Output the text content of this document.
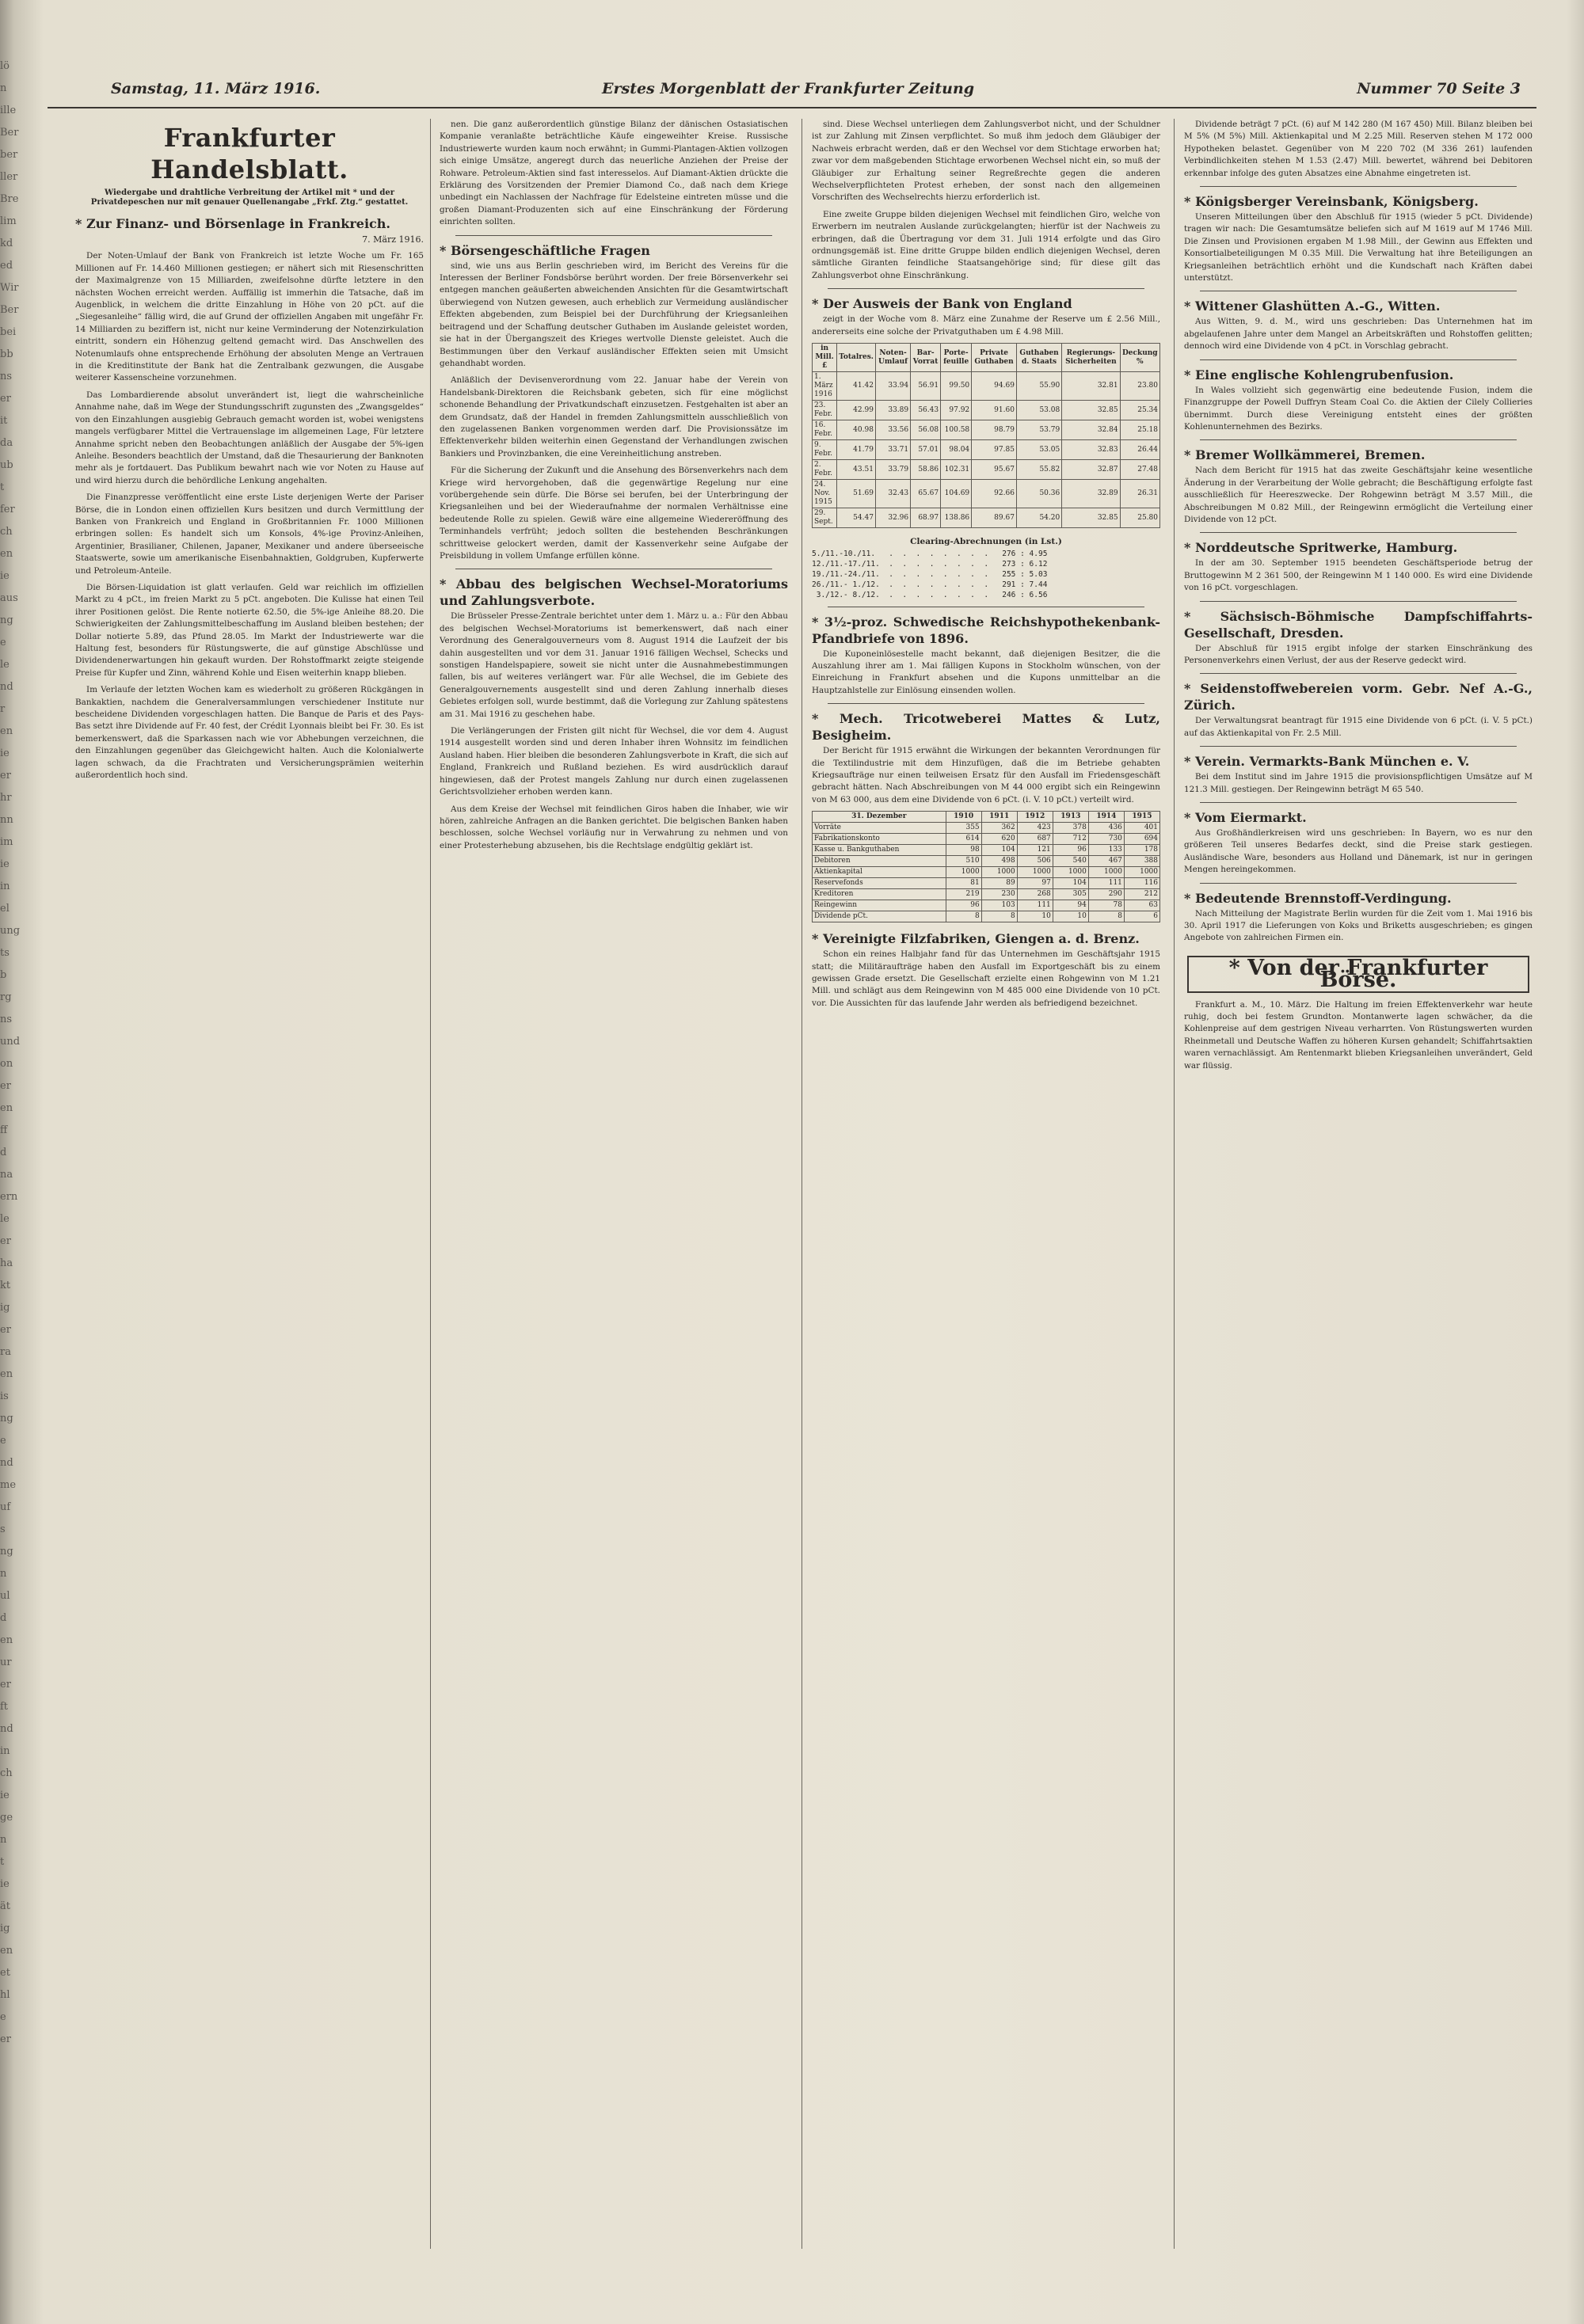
lö
n
ille
Ber
ber
ller
Bre
lim
kd
ed
Wir
Ber
bei
bb
ns
er
it
da
ub
t
fer
ch
en
ie
aus
ng
e
le
nd
r
en
ie
er
hr
nn
im
ie
in
el
ung
ts
b
rg
ns
und
on
er
en
ff
d
na
ern
le
er
ha
kt
ig
er
ra
en
is
ng
e
nd
me
uf
s
ng
n
ul
d
en
ur
er
ft
nd
in
ch
ie
ge
n
t
ie
ät
ig
en
et
hl
e
er
Samstag, 11. März 1916.	Erstes Morgenblatt der Frankfurter Zeitung	Nummer 70 Seite 3
Frankfurter Handelsblatt.
Wiedergabe und drahtliche Verbreitung der Artikel mit * und der Privatdepeschen nur mit genauer Quellenangabe „Frkf. Ztg.“ gestattet.
* Zur Finanz- und Börsenlage in Frankreich.
7. März 1916.

Der Noten-Umlauf der Bank von Frankreich ist letzte Woche um Fr. 165 Millionen auf Fr. 14.460 Millionen gestiegen; er nähert sich mit Riesenschritten der Maximalgrenze von 15 Milliarden, zweifelsohne dürfte letztere in den nächsten Wochen erreicht werden. Auffällig ist immerhin die Tatsache, daß im Augenblick, in welchem die dritte Einzahlung in Höhe von 20 pCt. auf die „Siegesanleihe“ fällig wird, die auf Grund der offiziellen Angaben mit ungefähr Fr. 14 Milliarden zu beziffern ist, nicht nur keine Verminderung der Notenzirkulation eintritt, sondern ein Höhenzug geltend gemacht wird. Das Anschwellen des Notenumlaufs ohne entsprechende Erhöhung der absoluten Menge an Vertrauen in die Kreditinstitute der Bank hat die Zentralbank gezwungen, die Ausgabe weiterer Kassenscheine vorzunehmen.

Das Lombardierende absolut unverändert ist, liegt die wahrscheinliche Annahme nahe, daß im Wege der Stundungsschrift zugunsten des „Zwangsgeldes“ von den Einzahlungen ausgiebig Gebrauch gemacht worden ist, wobei wenigstens mangels verfügbarer Mittel die Vertrauenslage im allgemeinen Lage, Für letztere Annahme spricht neben den Beobachtungen anläßlich der Ausgabe der 5%-igen Anleihe. Besonders beachtlich der Umstand, daß die Thesaurierung der Banknoten mehr als je fortdauert. Das Publikum bewahrt nach wie vor Noten zu Hause auf und wird hierzu durch die behördliche Lenkung angehalten.

Die Finanzpresse veröffentlicht eine erste Liste derjenigen Werte der Pariser Börse, die in London einen offiziellen Kurs besitzen und durch Vermittlung der Banken von Frankreich und England in Großbritannien Fr. 1000 Millionen erbringen sollen: Es handelt sich um Konsols, 4%-ige Provinz-Anleihen, Argentinier, Brasilianer, Chilenen, Japaner, Mexikaner und andere überseeische Staatswerte, sowie um amerikanische Eisenbahnaktien, Goldgruben, Kupferwerte und Petroleum-Anteile.

Die Börsen-Liquidation ist glatt verlaufen. Geld war reichlich im offiziellen Markt zu 4 pCt., im freien Markt zu 5 pCt. angeboten. Die Kulisse hat einen Teil ihrer Positionen gelöst. Die Rente notierte 62.50, die 5%-ige Anleihe 88.20. Die Schwierigkeiten der Zahlungsmittelbeschaffung im Ausland bleiben bestehen; der Dollar notierte 5.89, das Pfund 28.05. Im Markt der Industriewerte war die Haltung fest, besonders für Rüstungswerte, die auf günstige Abschlüsse und Dividendenerwartungen hin gekauft wurden. Der Rohstoffmarkt zeigte steigende Preise für Kupfer und Zinn, während Kohle und Eisen weiterhin knapp blieben.

Im Verlaufe der letzten Wochen kam es wiederholt zu größeren Rückgängen in Bankaktien, nachdem die Generalversammlungen verschiedener Institute nur bescheidene Dividenden vorgeschlagen hatten. Die Banque de Paris et des Pays-Bas setzt ihre Dividende auf Fr. 40 fest, der Crédit Lyonnais bleibt bei Fr. 30. Es ist bemerkenswert, daß die Sparkassen nach wie vor Abhebungen verzeichnen, die den Einzahlungen gegenüber das Gleichgewicht halten. Auch die Kolonialwerte lagen schwach, da die Frachtraten und Versicherungsprämien weiterhin außerordentlich hoch sind.

nen. Die ganz außerordentlich günstige Bilanz der dänischen Ostasiatischen Kompanie veranlaßte beträchtliche Käufe eingeweihter Kreise. Russische Industriewerte wurden kaum noch erwähnt; in Gummi-Plantagen-Aktien vollzogen sich einige Umsätze, angeregt durch das neuerliche Anziehen der Preise der Rohware. Petroleum-Aktien sind fast interesselos. Auf Diamant-Aktien drückte die Erklärung des Vorsitzenden der Premier Diamond Co., daß nach dem Kriege unbedingt ein Nachlassen der Nachfrage für Edelsteine eintreten müsse und die großen Diamant-Produzenten sich auf eine Einschränkung der Förderung einrichten sollten.

* Börsengeschäftliche Fragen

sind, wie uns aus Berlin geschrieben wird, im Bericht des Vereins für die Interessen der Berliner Fondsbörse berührt worden. Der freie Börsenverkehr sei entgegen manchen geäußerten abweichenden Ansichten für die Gesamtwirtschaft überwiegend von Nutzen gewesen, auch erheblich zur Vermeidung ausländischer Effekten abgebenden, zum Beispiel bei der Durchführung der Kriegsanleihen beitragend und der Schaffung deutscher Guthaben im Auslande geleistet worden, sie hat in der Übergangszeit des Krieges wertvolle Dienste geleistet. Auch die Bestimmungen über den Verkauf ausländischer Effekten seien mit Umsicht gehandhabt worden.

Anläßlich der Devisenverordnung vom 22. Januar habe der Verein von Handelsbank-Direktoren die Reichsbank gebeten, sich für eine möglichst schonende Behandlung der Privatkundschaft einzusetzen. Festgehalten ist aber an dem Grundsatz, daß der Handel in fremden Zahlungsmitteln ausschließlich von den zugelassenen Banken vorgenommen werden darf. Die Provisionssätze im Effektenverkehr bilden weiterhin einen Gegenstand der Verhandlungen zwischen Bankiers und Provinzbanken, die eine Vereinheitlichung anstreben.

Für die Sicherung der Zukunft und die Ansehung des Börsenverkehrs nach dem Kriege wird hervorgehoben, daß die gegenwärtige Regelung nur eine vorübergehende sein dürfe. Die Börse sei berufen, bei der Unterbringung der Kriegsanleihen und bei der Wiederaufnahme der normalen Verhältnisse eine bedeutende Rolle zu spielen. Gewiß wäre eine allgemeine Wiedereröffnung des Terminhandels verfrüht; jedoch sollten die bestehenden Beschränkungen schrittweise gelockert werden, damit der Kassenverkehr seine Aufgabe der Preisbildung in vollem Umfange erfüllen könne.

* Abbau des belgischen Wechsel-Moratoriums und Zahlungsverbote.

Die Brüsseler Presse-Zentrale berichtet unter dem 1. März u. a.: Für den Abbau des belgischen Wechsel-Moratoriums ist bemerkenswert, daß nach einer Verordnung des Generalgouverneurs vom 8. August 1914 die Laufzeit der bis dahin ausgestellten und vor dem 31. Januar 1916 fälligen Wechsel, Schecks und sonstigen Handelspapiere, soweit sie nicht unter die Ausnahmebestimmungen fallen, bis auf weiteres verlängert war. Für alle Wechsel, die im Gebiete des Generalgouvernements ausgestellt sind und deren Zahlung innerhalb dieses Gebietes erfolgen soll, wurde bestimmt, daß die Vorlegung zur Zahlung spätestens am 31. Mai 1916 zu geschehen habe.

Die Verlängerungen der Fristen gilt nicht für Wechsel, die vor dem 4. August 1914 ausgestellt worden sind und deren Inhaber ihren Wohnsitz im feindlichen Ausland haben. Hier bleiben die besonderen Zahlungsverbote in Kraft, die sich auf England, Frankreich und Rußland beziehen. Es wird ausdrücklich darauf hingewiesen, daß der Protest mangels Zahlung nur durch einen zugelassenen Gerichtsvollzieher erhoben werden kann.

Aus dem Kreise der Wechsel mit feindlichen Giros haben die Inhaber, wie wir hören, zahlreiche Anfragen an die Banken gerichtet. Die belgischen Banken haben beschlossen, solche Wechsel vorläufig nur in Verwahrung zu nehmen und von einer Protesterhebung abzusehen, bis die Rechtslage endgültig geklärt ist.

sind. Diese Wechsel unterliegen dem Zahlungsverbot nicht, und der Schuldner ist zur Zahlung mit Zinsen verpflichtet. So muß ihm jedoch dem Gläubiger der Nachweis erbracht werden, daß er den Wechsel vor dem Stichtage erworben hat; zwar vor dem maßgebenden Stichtage erworbenen Wechsel nicht ein, so muß der Gläubiger zur Erhaltung seiner Regreßrechte gegen die anderen Wechselverpflichteten Protest erheben, der sonst nach den allgemeinen Vorschriften des Wechselrechts hierzu erforderlich ist.

Eine zweite Gruppe bilden diejenigen Wechsel mit feindlichen Giro, welche von Erwerbern im neutralen Auslande zurückgelangten; hierfür ist der Nachweis zu erbringen, daß die Übertragung vor dem 31. Juli 1914 erfolgte und das Giro ordnungsgemäß ist. Eine dritte Gruppe bilden endlich diejenigen Wechsel, deren sämtliche Giranten feindliche Staatsangehörige sind; für diese gilt das Zahlungsverbot ohne Einschränkung.

* Der Ausweis der Bank von England

zeigt in der Woche vom 8. März eine Zunahme der Reserve um £ 2.56 Mill., andererseits eine solche der Privatguthaben um £ 4.98 Mill.

in Mill. £	Totalres.	Noten-Umlauf	Bar-Vorrat	Porte-feuille	Private Guthaben	Guthaben d. Staats	Regierungs-Sicherheiten	Deckung %
1. März 1916	41.42	33.94	56.91	99.50	94.69	55.90	32.81	23.80
23. Febr.	42.99	33.89	56.43	97.92	91.60	53.08	32.85	25.34
16. Febr.	40.98	33.56	56.08	100.58	98.79	53.79	32.84	25.18
9. Febr.	41.79	33.71	57.01	98.04	97.85	53.05	32.83	26.44
2. Febr.	43.51	33.79	58.86	102.31	95.67	55.82	32.87	27.48
24. Nov. 1915	51.69	32.43	65.67	104.69	92.66	50.36	32.89	26.31
29. Sept.	54.47	32.96	68.97	138.86	89.67	54.20	32.85	25.80
Clearing-Abrechnungen (in Lst.)
5./11.-10./11.   .  .  .  .  .  .  .  .   276 : 4.95
12./11.-17./11.  .  .  .  .  .  .  .  .   273 : 6.12
19./11.-24./11.  .  .  .  .  .  .  .  .   255 : 5.03
26./11.- 1./12.  .  .  .  .  .  .  .  .   291 : 7.44
3./12.- 8./12.  .  .  .  .  .  .  .  .   246 : 6.56
* 3½-proz. Schwedische Reichshypothekenbank-Pfandbriefe von 1896.

Die Kuponeinlösestelle macht bekannt, daß diejenigen Besitzer, die die Auszahlung ihrer am 1. Mai fälligen Kupons in Stockholm wünschen, von der Einreichung in Frankfurt absehen und die Kupons unmittelbar an die Hauptzahlstelle zur Einlösung einsenden wollen.

* Mech. Tricotweberei Mattes & Lutz, Besigheim.

Der Bericht für 1915 erwähnt die Wirkungen der bekannten Verordnungen für die Textilindustrie mit dem Hinzufügen, daß die im Betriebe gehabten Kriegsaufträge nur einen teilweisen Ersatz für den Ausfall im Friedensgeschäft gebracht hätten. Nach Abschreibungen von M 44 000 ergibt sich ein Reingewinn von M 63 000, aus dem eine Dividende von 6 pCt. (i. V. 10 pCt.) verteilt wird.

31. Dezember	1910	1911	1912	1913	1914	1915
Vorräte	355	362	423	378	436	401
Fabrikationskonto	614	620	687	712	730	694
Kasse u. Bankguthaben	98	104	121	96	133	178
Debitoren	510	498	506	540	467	388
Aktienkapital	1000	1000	1000	1000	1000	1000
Reservefonds	81	89	97	104	111	116
Kreditoren	219	230	268	305	290	212
Reingewinn	96	103	111	94	78	63
Dividende pCt.	8	8	10	10	8	6
* Vereinigte Filzfabriken, Giengen a. d. Brenz.

Schon ein reines Halbjahr fand für das Unternehmen im Geschäftsjahr 1915 statt; die Militäraufträge haben den Ausfall im Exportgeschäft bis zu einem gewissen Grade ersetzt. Die Gesellschaft erzielte einen Rohgewinn von M 1.21 Mill. und schlägt aus dem Reingewinn von M 485 000 eine Dividende von 10 pCt. vor. Die Aussichten für das laufende Jahr werden als befriedigend bezeichnet.

Dividende beträgt 7 pCt. (6) auf M 142 280 (M 167 450) Mill. Bilanz bleiben bei M 5% (M 5%) Mill. Aktienkapital und M 2.25 Mill. Reserven stehen M 172 000 Hypotheken belastet. Gegenüber von M 220 702 (M 336 261) laufenden Verbindlichkeiten stehen M 1.53 (2.47) Mill. bewertet, während bei Debitoren erkennbar infolge des guten Absatzes eine Abnahme eingetreten ist.

* Königsberger Vereinsbank, Königsberg.

Unseren Mitteilungen über den Abschluß für 1915 (wieder 5 pCt. Dividende) tragen wir nach: Die Gesamtumsätze beliefen sich auf M 1619 auf M 1746 Mill. Die Zinsen und Provisionen ergaben M 1.98 Mill., der Gewinn aus Effekten und Konsortialbeteiligungen M 0.35 Mill. Die Verwaltung hat ihre Beteiligungen an Kriegsanleihen beträchtlich erhöht und die Kundschaft nach Kräften dabei unterstützt.

* Wittener Glashütten A.-G., Witten.

Aus Witten, 9. d. M., wird uns geschrieben: Das Unternehmen hat im abgelaufenen Jahre unter dem Mangel an Arbeitskräften und Rohstoffen gelitten; dennoch wird eine Dividende von 4 pCt. in Vorschlag gebracht.

* Eine englische Kohlengrubenfusion.

In Wales vollzieht sich gegenwärtig eine bedeutende Fusion, indem die Finanzgruppe der Powell Duffryn Steam Coal Co. die Aktien der Cilely Collieries übernimmt. Durch diese Vereinigung entsteht eines der größten Kohlenunternehmen des Bezirks.

* Bremer Wollkämmerei, Bremen.

Nach dem Bericht für 1915 hat das zweite Geschäftsjahr keine wesentliche Änderung in der Verarbeitung der Wolle gebracht; die Beschäftigung erfolgte fast ausschließlich für Heereszwecke. Der Rohgewinn beträgt M 3.57 Mill., die Abschreibungen M 0.82 Mill., der Reingewinn ermöglicht die Verteilung einer Dividende von 12 pCt.

* Norddeutsche Spritwerke, Hamburg.

In der am 30. September 1915 beendeten Geschäftsperiode betrug der Bruttogewinn M 2 361 500, der Reingewinn M 1 140 000. Es wird eine Dividende von 16 pCt. vorgeschlagen.

* Sächsisch-Böhmische Dampfschiffahrts-Gesellschaft, Dresden.

Der Abschluß für 1915 ergibt infolge der starken Einschränkung des Personenverkehrs einen Verlust, der aus der Reserve gedeckt wird.

* Seidenstoffwebereien vorm. Gebr. Nef A.-G., Zürich.

Der Verwaltungsrat beantragt für 1915 eine Dividende von 6 pCt. (i. V. 5 pCt.) auf das Aktienkapital von Fr. 2.5 Mill.

* Verein. Vermarkts-Bank München e. V.

Bei dem Institut sind im Jahre 1915 die provisionspflichtigen Umsätze auf M 121.3 Mill. gestiegen. Der Reingewinn beträgt M 65 540.

* Vom Eiermarkt.

Aus Großhändlerkreisen wird uns geschrieben: In Bayern, wo es nur den größeren Teil unseres Bedarfes deckt, sind die Preise stark gestiegen. Ausländische Ware, besonders aus Holland und Dänemark, ist nur in geringen Mengen hereingekommen.

* Bedeutende Brennstoff-Verdingung.

Nach Mitteilung der Magistrate Berlin wurden für die Zeit vom 1. Mai 1916 bis 30. April 1917 die Lieferungen von Koks und Briketts ausgeschrieben; es gingen Angebote von zahlreichen Firmen ein.

* Von der Frankfurter Börse.

Frankfurt a. M., 10. März. Die Haltung im freien Effektenverkehr war heute ruhig, doch bei festem Grundton. Montanwerte lagen schwächer, da die Kohlenpreise auf dem gestrigen Niveau verharrten. Von Rüstungswerten wurden Rheinmetall und Deutsche Waffen zu höheren Kursen gehandelt; Schiffahrtsaktien waren vernachlässigt. Am Rentenmarkt blieben Kriegsanleihen unverändert, Geld war flüssig.
